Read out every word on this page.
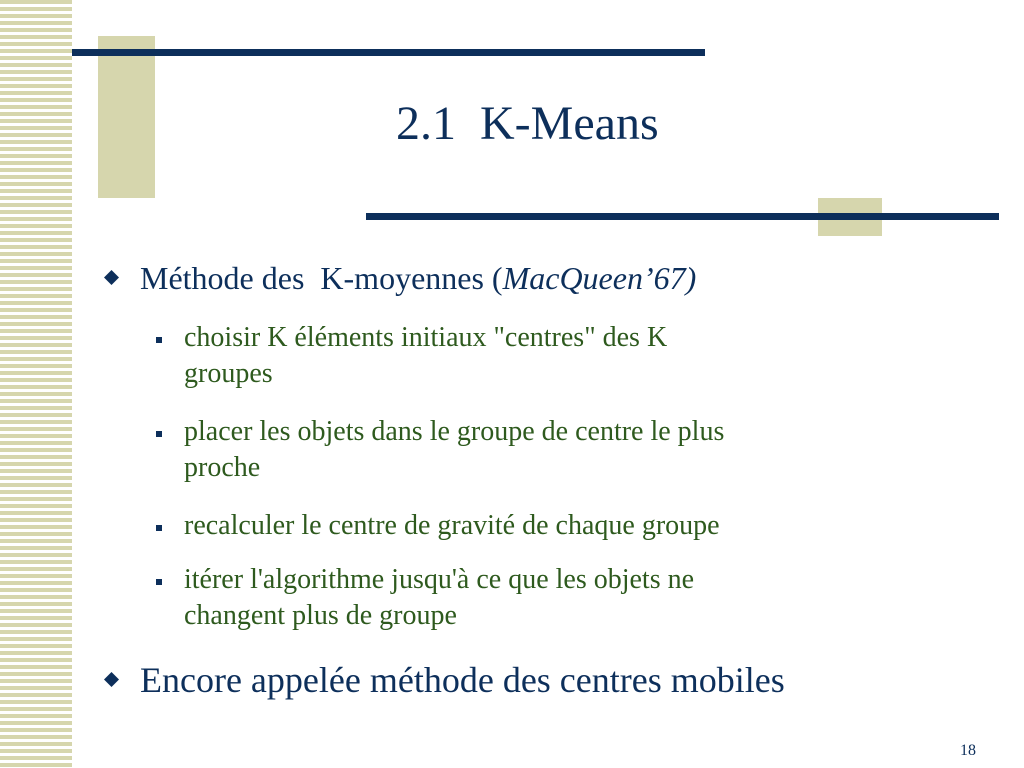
2.1  K-Means
Méthode des  K-moyennes (MacQueen’67)
choisir K éléments initiaux "centres" des K
groupes
placer les objets dans le groupe de centre le plus
proche
recalculer le centre de gravité de chaque groupe
itérer l'algorithme jusqu'à ce que les objets ne
changent plus de groupe
Encore appelée méthode des centres mobiles
18
